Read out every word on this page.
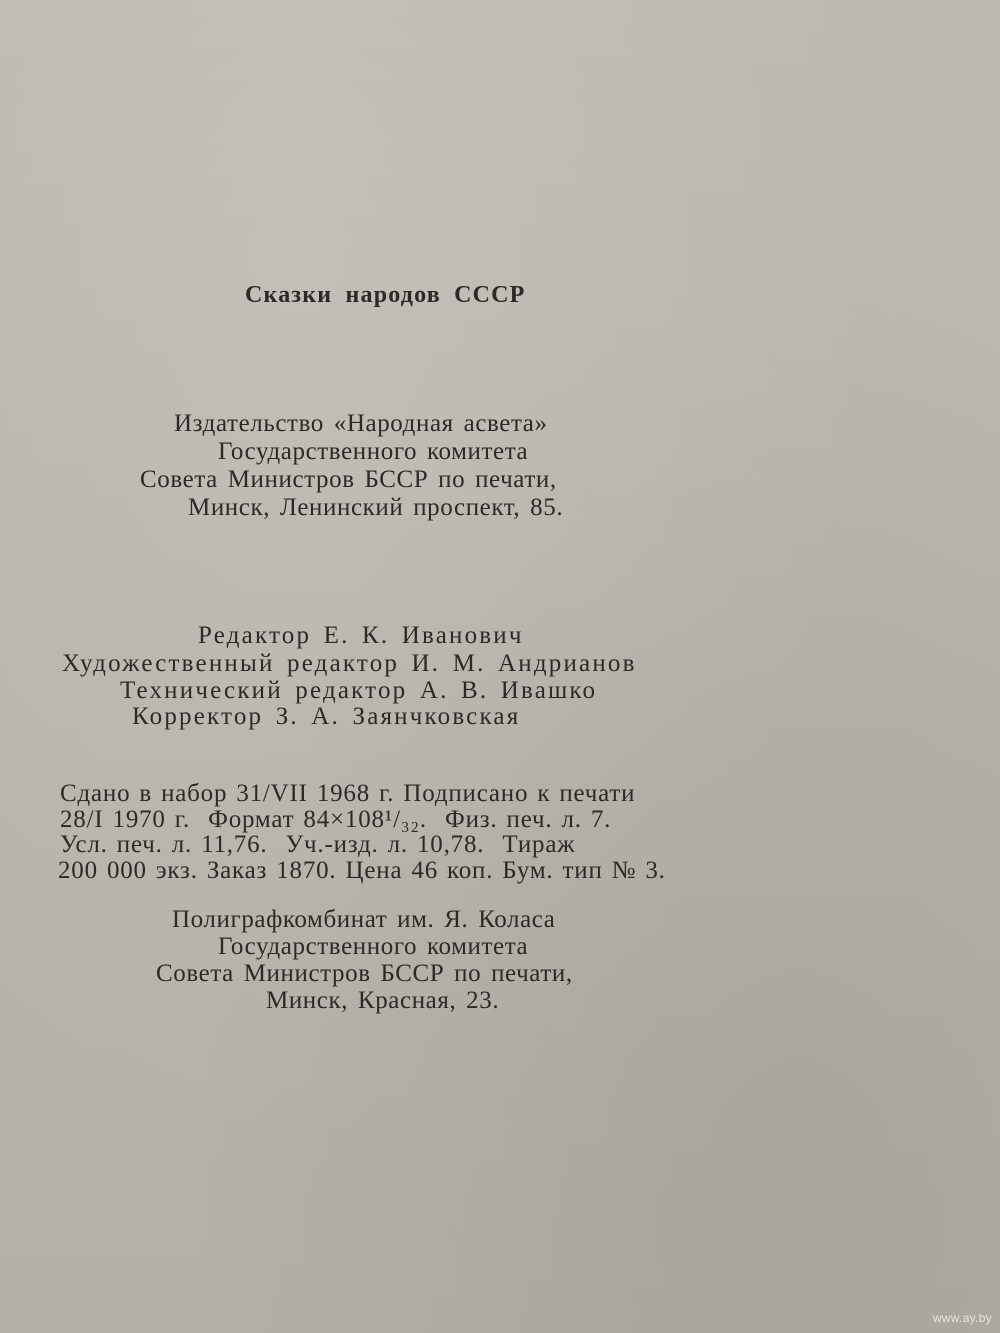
Сказки народов СССР
Издательство «Народная асвета»
Государственного комитета
Совета Министров БССР по печати,
Минск, Ленинский проспект, 85.
Редактор Е. К. Иванович
Художественный редактор И. М. Андрианов
Технический редактор А. В. Ивашко
Корректор З. А. Заянчковская
Сдано в набор 31/VII 1968 г. Подписано к печати
28/I 1970 г.  Формат 84×108¹/₃₂.  Физ. печ. л. 7.
Усл. печ. л. 11,76.  Уч.-изд. л. 10,78.  Тираж
200 000 экз. Заказ 1870. Цена 46 коп. Бум. тип № 3.
Полиграфкомбинат им. Я. Коласа
Государственного комитета
Совета Министров БССР по печати,
Минск, Красная, 23.
www.ay.by
